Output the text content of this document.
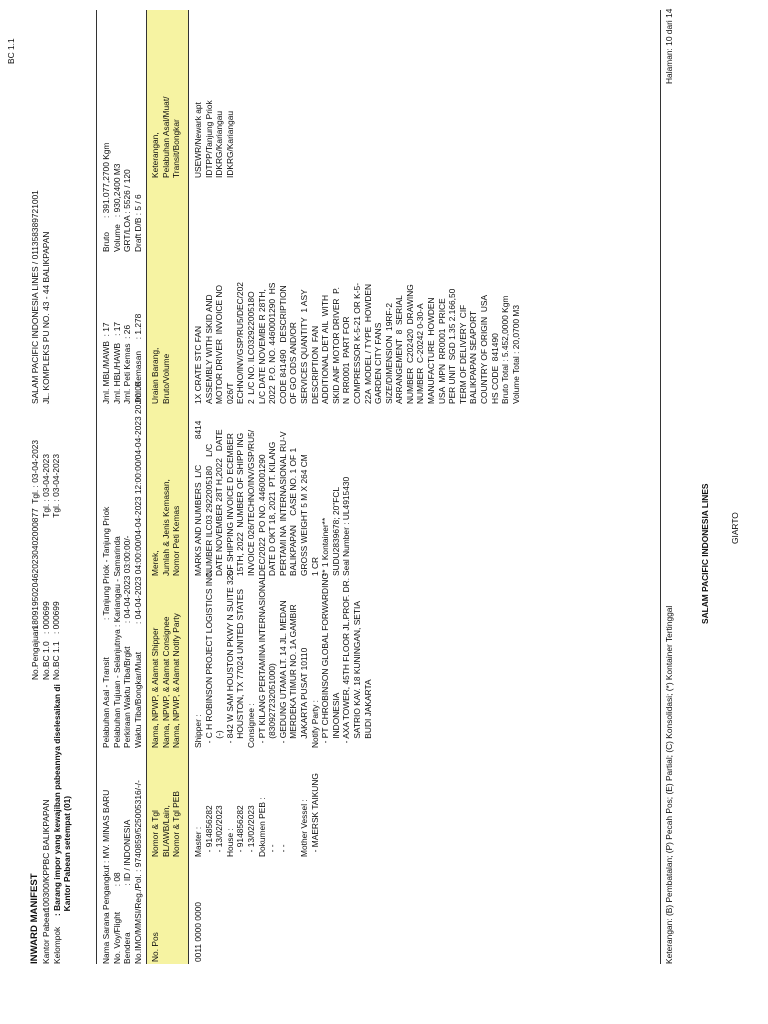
BC 1.1
INWARD MANIFEST Kantor Pabean: 100300/KPPBC BALIKPAPAN
Kelompok: Barang impor yang kewajiban pabeannya diselesaikan di Kantor Pabean setempat (01)
No.Pengajuan: 18091950204620230402000877  Tgl. : 03-04-2023
No.BC 1.0: 000699                                    Tgl. : 03-04-2023
No.BC 1.1: 000699                                    Tgl. : 03-04-2023
SALAM PACIFIC INDONESIA LINES / 011358389721001 JL. KOMPLEKS PU NO. 43 - 44 BALIKPAPAN
Nama Sarana Pengangkut : MV. MINAS BARU No. Voy/Flight           : 08 Bendera                    : ID / INDONESIA No.IMO/MMSI/Reg./Pol. : 9740859/525005316/-/-
Pelabuhan Asal - Transit                : Tanjung Priok - Tanjung Priok Pelabuhan Tujuan - Selanjutnya : Kariangau - Samarinda Perkiraan Waktu Tiba/Brgkt          : 04-04-2023 03:00:00/- Waktu Tiba/Bongkar/Muat            : 04-04-2023 04:00:00/04-04-2023 12:00:00/04-04-2023 20:00:00
Jml. MBL/MAWB  : 17 Jml. HBL/HAWB   : 17 Jml. Peti Kemas  : 26 Jml. Kemasan     : 1.278
Bruto      : 391.077,2700 Kgm Volume   : 930,2400 M3 GRT/LOA : 5526 / 120 Draft D/B : 5 / 6
No. Pos
Nomor & Tgl BL/AWB/Lain, Nomor & Tgl PEB
Nama, NPWP, & Alamat Shipper Nama, NPWP, & Alamat Consignee Nama, NPWP, & Alamat Notify Party
Merek, Jumlah & Jenis Kemasan, Nomor Peti Kemas
Uraian Barang, Bruto/Volume
Keterangan, Pelabuhan Asal/Muat/ Transit/Bongkar
0011 0000 0000
Master : - 914856282 - 13/02/2023 House : - 914856282 - 13/02/2023 Dokumen PEB : - - - -
Mother Vessel : - MAERSK TAIKUNG
Shipper : - C H ROBINSON PROJECT LOGISTICS INC. (-) - 842 W SAM HOUSTON PKWY N SUITE 325 HOUSTON, TX 77024 UNITED STATES Consignee : - PT KILANG PERTAMINA INTERNASIONAL (830927232051000) - GEDUNG UTAMA LT. 14 JL. MEDAN MERDEKA TIMUR NO. 1A GAMBIR JAKARTA PUSAT 10110 Notify Party : - PT CHROBINSON GLOBAL FORWARDING INDONESIA - AXA TOWER, 45TH FLOOR JL.PROF. DR. SATRIO KAV. 18 KUNINGAN, SETIA BUDI JAKARTA
MARKS AND NUMBERS  L/C           8414 NUMBER ILC03 2922005180    L/C DATE NOVEMBER 28T H,2022   DATE OF SHIPPING INVOICE D ECEMBER 15TH, 2022  NUMBER OF SHIPP ING INVOICE 026/TECHNO/INV/GSP/RU5/ DEC/2022  PO NO. 4460001290 DATE D OKT 18, 2021  PT. KILANG PERTAMI NA  INTERNASIONAL RU-V BALIKPAPAN    CASE NO. 1 OF 1 GROSS WEIGHT 5 M X 264 CM 1 CR ** 1 Kontainer** SUDU2839678; 20"FCL Seal Number : UL4915430
1X CRATE STC FAN ASSEMBLY WITH SKID AND MOTOR DRIVER  INVOICE NO 026/T ECHNO/INV/GSP/RU5/DEC/202 2  L/C NO. ILC03292200518O L/C DATE NOVEMBE R 28TH, 2022  P.O. NO. 4460001290  HS CODE 841490   DESCRIPTION OF GO ODS AND/OR SERVICES QUANTITY  1 ASY DESCRIPTION  FAN ADDITIONAL DET AIL  WITH SKID ANF MOTOR DRIVER  P. N  RR0001  PART FOR COMPRESSOR K-5-21 OR K-5- 22A  MODEL / TYPE  HOWDEN GARDEN CITY FANS SIZE/DIMENSION  19RF-2 ARRANGEMENT  8  SERIAL NUMBER  C202420  DRAWING NUMBER  C-20242 0-30-A MANUFACTURE  HOWDEN USA  MPN  RR0001  PRICE PER UNIT  SGD 1.35 2.166,50 TERM OF DELIVERY  CIF BALIKPAPAN SEAPORT COUNTRY OF ORIGIN  USA HS CODE  841490 Bruto Total : 5.452,0000 Kgm Volume Total : 20,0700 M3
USEWR/Newark apt IDTPP/Tanjung Priok IDKRG/Kariangau IDKRG/Kariangau
Keterangan: (B) Pembatalan; (P) Pecah Pos; (E) Partial; (C) Konsolidasi; (*) Kontainer Tertinggal
SALAM PACIFIC INDONESIA LINES
Halaman: 10 dari 14
GIARTO
